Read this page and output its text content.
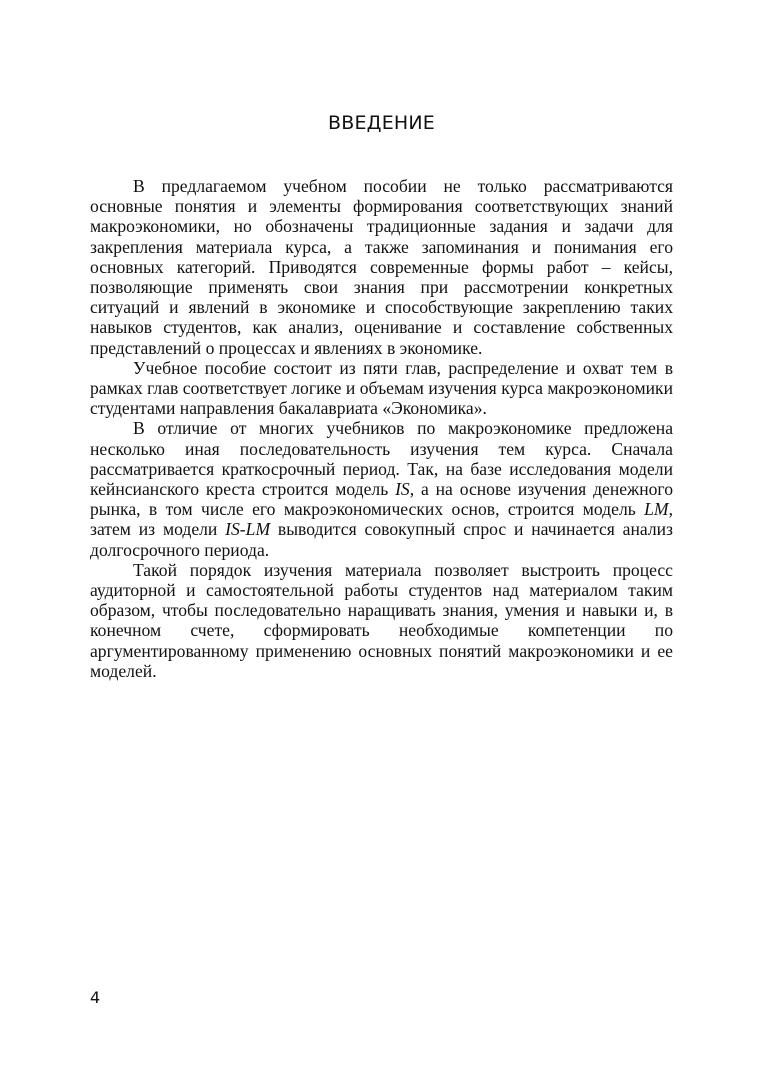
ВВЕДЕНИЕ

В предлагаемом учебном пособии не только рассматриваются основные понятия и элементы формирования соответствующих знаний макроэкономики, но обозначены традиционные задания и задачи для закрепления материала курса, а также запоминания и понимания его основных категорий. Приводятся современные формы работ – кейсы, позволяющие применять свои знания при рассмотрении конкретных ситуаций и явлений в экономике и способствующие закреплению таких навыков студентов, как анализ, оценивание и составление собственных представлений о процессах и явлениях в экономике.

Учебное пособие состоит из пяти глав, распределение и охват тем в рамках глав соответствует логике и объемам изучения курса макроэкономики студентами направления бакалавриата «Экономика».

В отличие от многих учебников по макроэкономике предложена несколько иная последовательность изучения тем курса. Сначала рассматривается краткосрочный период. Так, на базе исследования модели кейнсианского креста строится модель IS, а на основе изучения денежного рынка, в том числе его макроэкономических основ, строится модель LM, затем из модели IS-LM выводится совокупный спрос и начинается анализ долгосрочного периода.

Такой порядок изучения материала позволяет выстроить процесс аудиторной и самостоятельной работы студентов над материалом таким образом, чтобы последовательно наращивать знания, умения и навыки и, в конечном счете, сформировать необходимые компетенции по аргументированному применению основных понятий макроэкономики и ее моделей.

4
